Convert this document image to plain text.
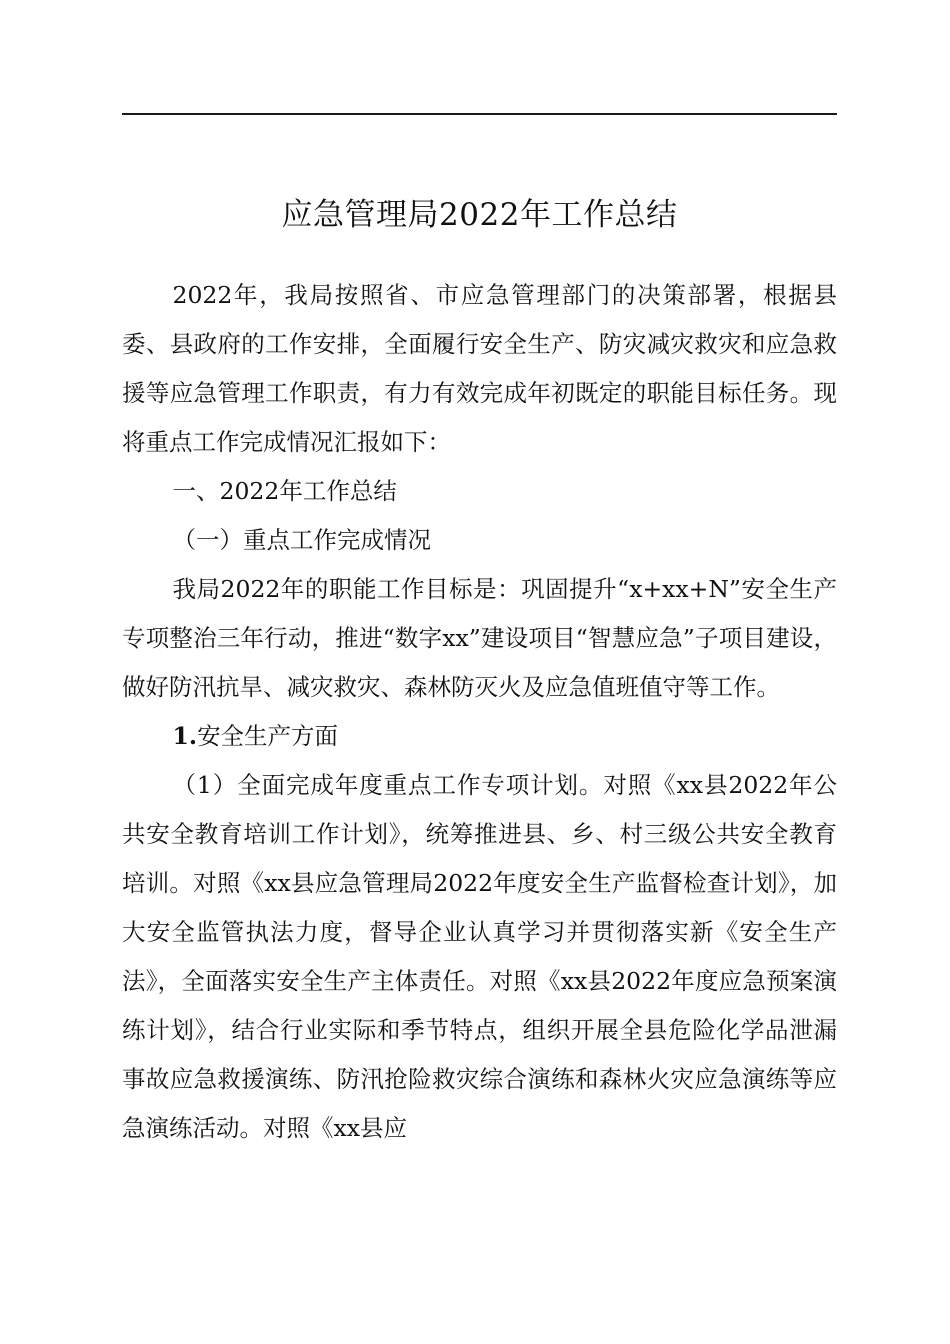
应急管理局2022年工作总结

2022年，我局按照省、市应急管理部门的决策部署，根据县委、县政府的工作安排，全面履行安全生产、防灾减灾救灾和应急救援等应急管理工作职责，有力有效完成年初既定的职能目标任务。现将重点工作完成情况汇报如下：

一、2022年工作总结

（一）重点工作完成情况

我局2022年的职能工作目标是：巩固提升“x+xx+N”安全生产专项整治三年行动，推进“数字xx”建设项目“智慧应急”子项目建设，做好防汛抗旱、减灾救灾、森林防灭火及应急值班值守等工作。

1.安全生产方面

（1）全面完成年度重点工作专项计划。对照《xx县2022年公共安全教育培训工作计划》，统筹推进县、乡、村三级公共安全教育培训。对照《xx县应急管理局2022年度安全生产监督检查计划》，加大安全监管执法力度，督导企业认真学习并贯彻落实新《安全生产法》，全面落实安全生产主体责任。对照《xx县2022年度应急预案演练计划》，结合行业实际和季节特点，组织开展全县危险化学品泄漏事故应急救援演练、防汛抢险救灾综合演练和森林火灾应急演练等应急演练活动。对照《xx县应
